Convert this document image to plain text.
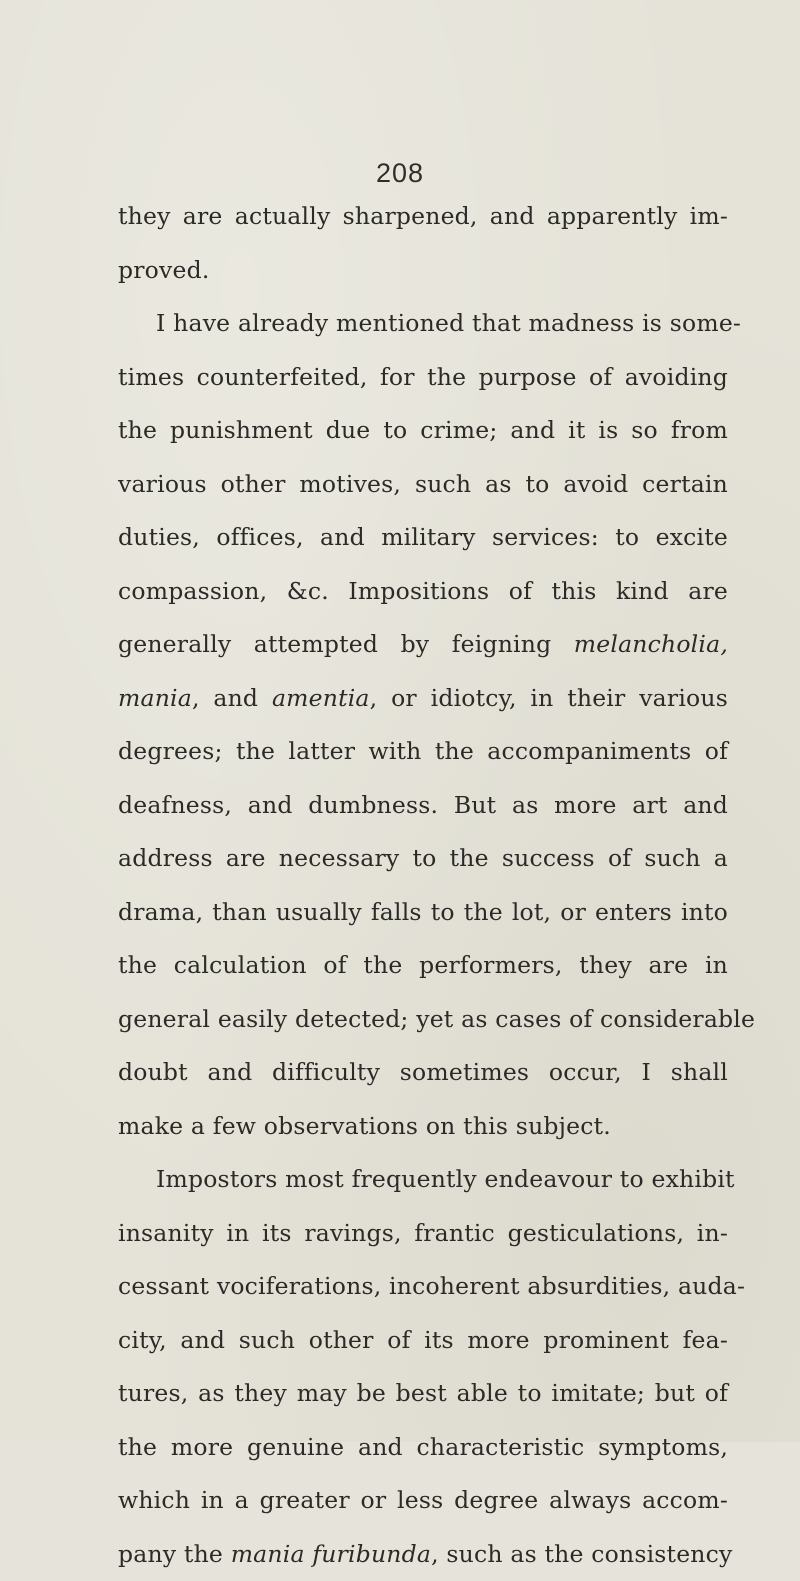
208
they are actually sharpened, and apparently im-
proved.
I have already mentioned that madness is some-
times counterfeited, for the purpose of avoiding
the punishment due to crime; and it is so from
various other motives, such as to avoid certain
duties, offices, and military services: to excite
compassion, &c. Impositions of this kind are
generally attempted by feigning melancholia,
mania, and amentia, or idiotcy, in their various
degrees; the latter with the accompaniments of
deafness, and dumbness. But as more art and
address are necessary to the success of such a
drama, than usually falls to the lot, or enters into
the calculation of the performers, they are in
general easily detected; yet as cases of considerable
doubt and difficulty sometimes occur, I shall
make a few observations on this subject.
Impostors most frequently endeavour to exhibit
insanity in its ravings, frantic gesticulations, in-
cessant vociferations, incoherent absurdities, auda-
city, and such other of its more prominent fea-
tures, as they may be best able to imitate; but of
the more genuine and characteristic symptoms,
which in a greater or less degree always accom-
pany the mania furibunda, such as the consistency
